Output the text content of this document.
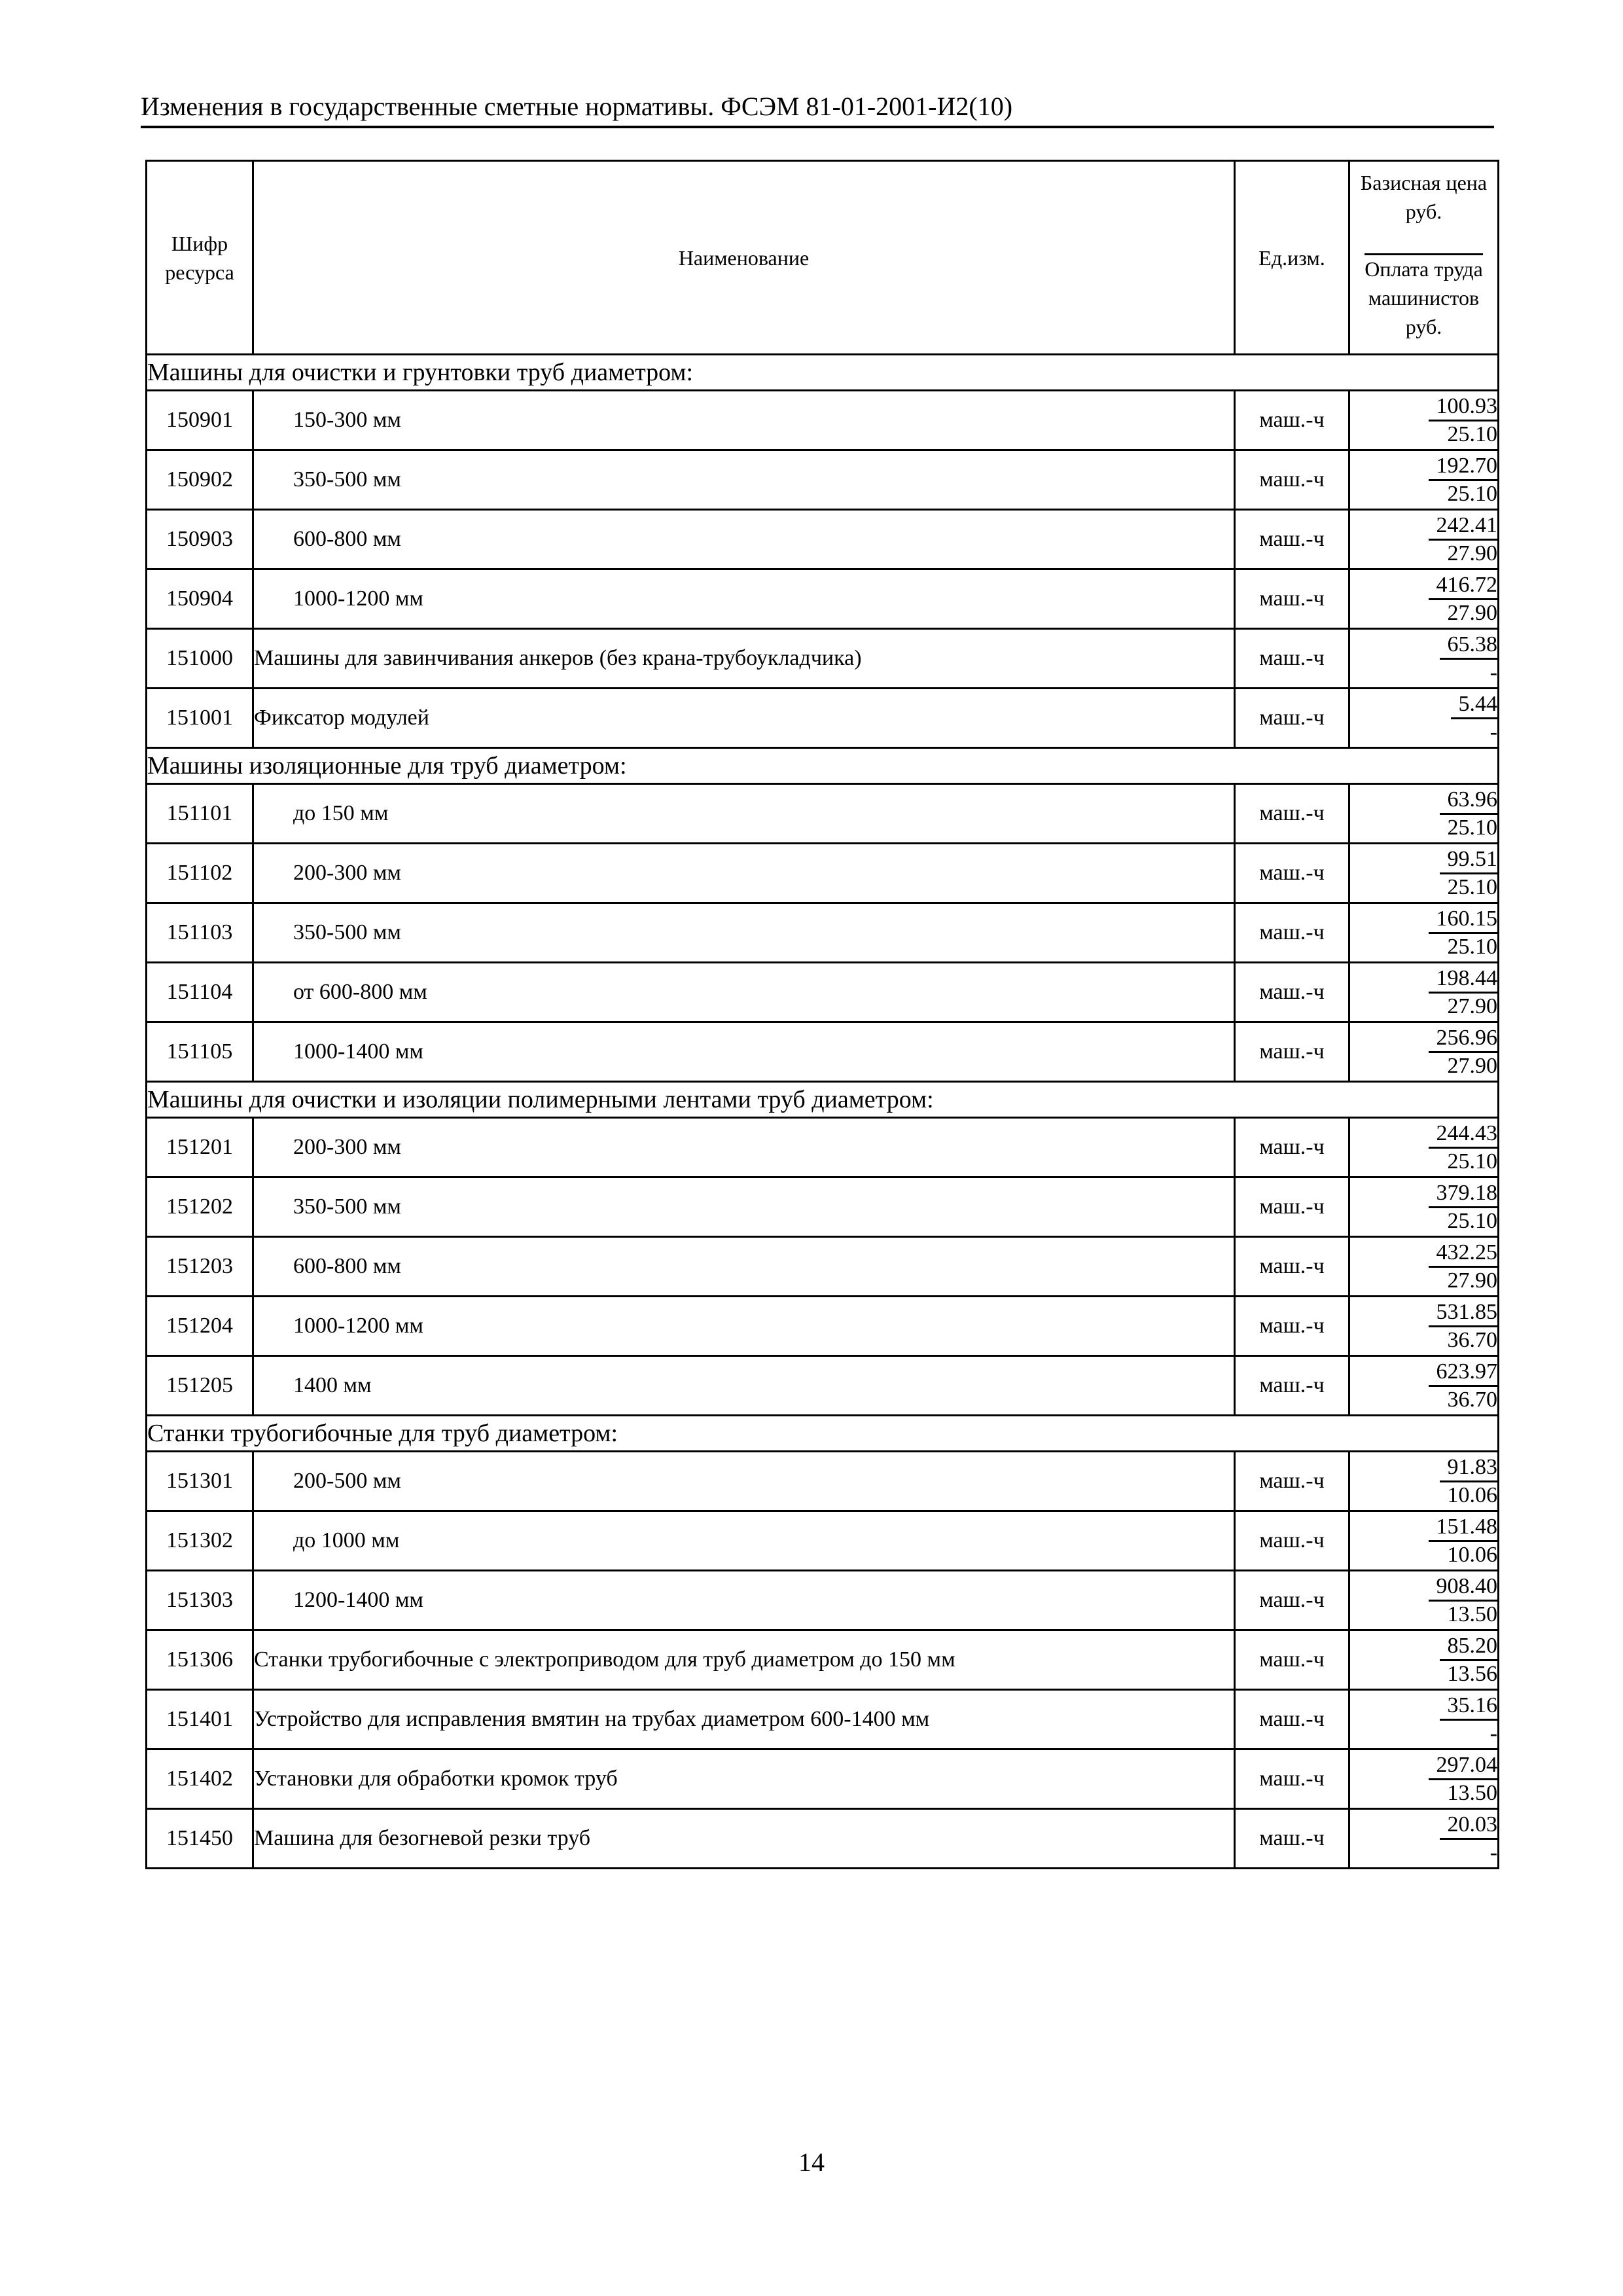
Изменения в государственные сметные нормативы. ФСЭМ 81-01-2001-И2(10)
Шифр ресурса	Наименование	Ед.изм.	Базисная цена руб.
Оплата труда машинистов руб.

Машины для очистки и грунтовки труб диаметром:			
150901	150-300 мм	маш.-ч	100.93
25.10

150902	350-500 мм	маш.-ч	192.70
25.10

150903	600-800 мм	маш.-ч	242.41
27.90

150904	1000-1200 мм	маш.-ч	416.72
27.90

151000	Машины для завинчивания анкеров (без крана-трубоукладчика)	маш.-ч	65.38
-

151001	Фиксатор модулей	маш.-ч	5.44
-

Машины изоляционные для труб диаметром:			
151101	до 150 мм	маш.-ч	63.96
25.10

151102	200-300 мм	маш.-ч	99.51
25.10

151103	350-500 мм	маш.-ч	160.15
25.10

151104	от 600-800 мм	маш.-ч	198.44
27.90

151105	1000-1400 мм	маш.-ч	256.96
27.90

Машины для очистки и изоляции полимерными лентами труб диаметром:			
151201	200-300 мм	маш.-ч	244.43
25.10

151202	350-500 мм	маш.-ч	379.18
25.10

151203	600-800 мм	маш.-ч	432.25
27.90

151204	1000-1200 мм	маш.-ч	531.85
36.70

151205	1400 мм	маш.-ч	623.97
36.70

Станки трубогибочные для труб диаметром:			
151301	200-500 мм	маш.-ч	91.83
10.06

151302	до 1000 мм	маш.-ч	151.48
10.06

151303	1200-1400 мм	маш.-ч	908.40
13.50

151306	Станки трубогибочные с электроприводом для труб диаметром до 150 мм	маш.-ч	85.20
13.56

151401	Устройство для исправления вмятин на трубах диаметром 600-1400 мм	маш.-ч	35.16
-

151402	Установки для обработки кромок труб	маш.-ч	297.04
13.50

151450	Машина для безогневой резки труб	маш.-ч	20.03
-
14
